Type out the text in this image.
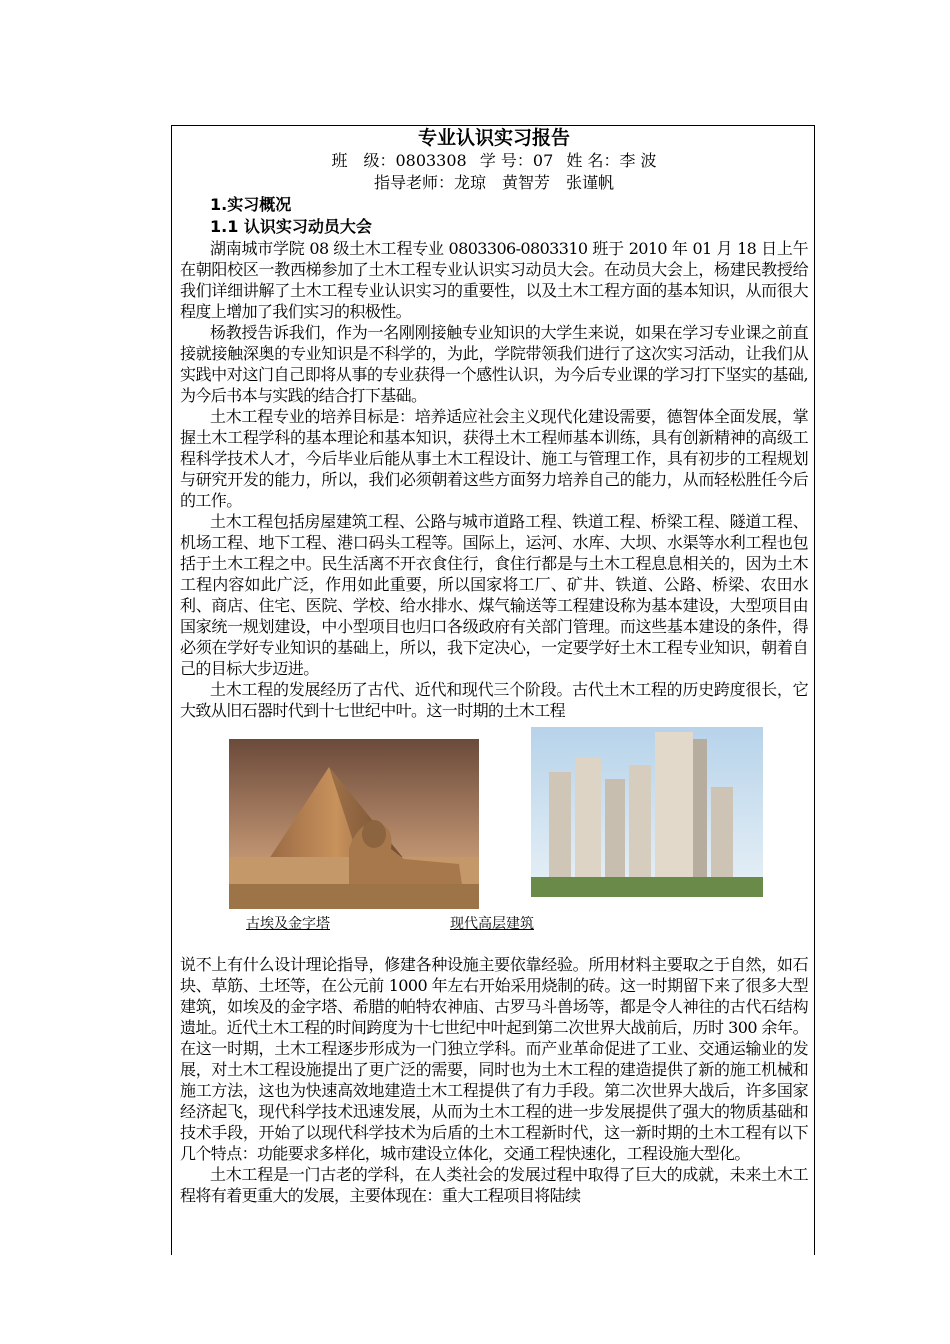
专业认识实习报告
班　级：0803308 学 号：07 姓 名：李 波
指导老师：龙琼　黄智芳　张谨帆
1.实习概况
1.1 认识实习动员大会

湖南城市学院 08 级土木工程专业 0803306-0803310 班于 2010 年 01 月 18 日上午在朝阳校区一教西梯参加了土木工程专业认识实习动员大会。在动员大会上，杨建民教授给我们详细讲解了土木工程专业认识实习的重要性，以及土木工程方面的基本知识，从而很大程度上增加了我们实习的积极性。

杨教授告诉我们，作为一名刚刚接触专业知识的大学生来说，如果在学习专业课之前直接就接触深奥的专业知识是不科学的，为此，学院带领我们进行了这次实习活动，让我们从实践中对这门自己即将从事的专业获得一个感性认识，为今后专业课的学习打下坚实的基础,为今后书本与实践的结合打下基础。

土木工程专业的培养目标是：培养适应社会主义现代化建设需要，德智体全面发展，掌握土木工程学科的基本理论和基本知识，获得土木工程师基本训练，具有创新精神的高级工程科学技术人才，今后毕业后能从事土木工程设计、施工与管理工作，具有初步的工程规划与研究开发的能力，所以，我们必须朝着这些方面努力培养自己的能力，从而轻松胜任今后的工作。

土木工程包括房屋建筑工程、公路与城市道路工程、铁道工程、桥梁工程、隧道工程、机场工程、地下工程、港口码头工程等。国际上，运河、水库、大坝、水渠等水利工程也包括于土木工程之中。民生活离不开衣食住行，食住行都是与土木工程息息相关的，因为土木工程内容如此广泛，作用如此重要，所以国家将工厂、矿井、铁道、公路、桥梁、农田水利、商店、住宅、医院、学校、给水排水、煤气输送等工程建设称为基本建设，大型项目由国家统一规划建设，中小型项目也归口各级政府有关部门管理。而这些基本建设的条件，得必须在学好专业知识的基础上，所以，我下定决心，一定要学好土木工程专业知识，朝着自己的目标大步迈进。

土木工程的发展经历了古代、近代和现代三个阶段。古代土木工程的历史跨度很长，它大致从旧石器时代到十七世纪中叶。这一时期的土木工程

古埃及金字塔	现代高层建筑

说不上有什么设计理论指导，修建各种设施主要依靠经验。所用材料主要取之于自然，如石块、草筋、土坯等，在公元前 1000 年左右开始采用烧制的砖。这一时期留下来了很多大型建筑，如埃及的金字塔、希腊的帕特农神庙、古罗马斗兽场等，都是令人神往的古代石结构遗址。近代土木工程的时间跨度为十七世纪中叶起到第二次世界大战前后，历时 300 余年。在这一时期，土木工程逐步形成为一门独立学科。而产业革命促进了工业、交通运输业的发展，对土木工程设施提出了更广泛的需要，同时也为土木工程的建造提供了新的施工机械和施工方法，这也为快速高效地建造土木工程提供了有力手段。第二次世界大战后，许多国家经济起飞，现代科学技术迅速发展，从而为土木工程的进一步发展提供了强大的物质基础和技术手段，开始了以现代科学技术为后盾的土木工程新时代，这一新时期的土木工程有以下几个特点：功能要求多样化，城市建设立体化，交通工程快速化，工程设施大型化。

土木工程是一门古老的学科，在人类社会的发展过程中取得了巨大的成就，未来土木工程将有着更重大的发展，主要体现在：重大工程项目将陆续
